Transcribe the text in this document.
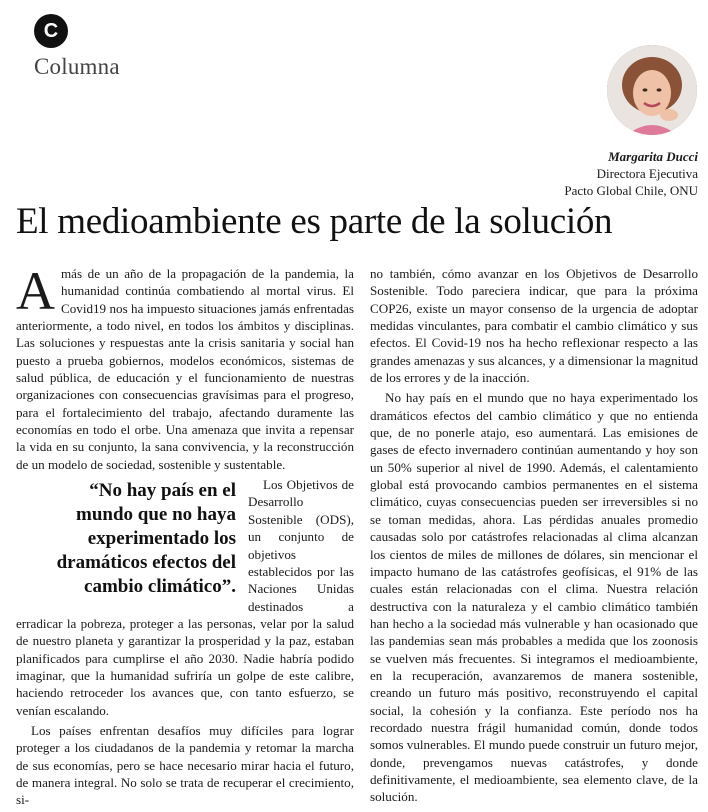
C
Columna
Margarita Ducci
Directora Ejecutiva
Pacto Global Chile, ONU
El medioambiente es parte de la solución

Amás de un año de la propagación de la pandemia, la humanidad continúa combatiendo al mortal virus. El Covid19 nos ha impuesto situaciones jamás enfrentadas anteriormente, a todo nivel, en todos los ámbitos y disciplinas. Las soluciones y respuestas ante la crisis sanitaria y social han puesto a prueba gobiernos, modelos económicos, sistemas de salud pública, de educación y el funcionamiento de nuestras organizaciones con consecuencias gravísimas para el progreso, para el fortalecimiento del trabajo, afectando duramente las economías en todo el orbe. Una amenaza que invita a repensar la vida en su conjunto, la sana convivencia, y la reconstrucción de un modelo de sociedad, sostenible y sustentable.

“No hay país en el mundo que no haya experimentado los dramáticos efectos del cambio climático”.

Los Objetivos de Desarrollo Sostenible (ODS), un conjunto de objetivos establecidos por las Naciones Unidas destinados a erradicar la pobreza, proteger a las personas, velar por la salud de nuestro planeta y garantizar la prosperidad y la paz, estaban planificados para cumplirse el año 2030. Nadie habría podido imaginar, que la humanidad sufriría un golpe de este calibre, haciendo retroceder los avances que, con tanto esfuerzo, se venían escalando.

Los países enfrentan desafíos muy difíciles para lograr proteger a los ciudadanos de la pandemia y retomar la marcha de sus economías, pero se hace necesario mirar hacia el futuro, de manera integral. No solo se trata de recuperar el crecimiento, si-

no también, cómo avanzar en los Objetivos de Desarrollo Sostenible. Todo pareciera indicar, que para la próxima COP26, existe un mayor consenso de la urgencia de adoptar medidas vinculantes, para combatir el cambio climático y sus efectos. El Covid-19 nos ha hecho reflexionar respecto a las grandes amenazas y sus alcances, y a dimensionar la magnitud de los errores y de la inacción.

No hay país en el mundo que no haya experimentado los dramáticos efectos del cambio climático y que no entienda que, de no ponerle atajo, eso aumentará. Las emisiones de gases de efecto invernadero continúan aumentando y hoy son un 50% superior al nivel de 1990. Además, el calentamiento global está provocando cambios permanentes en el sistema climático, cuyas consecuencias pueden ser irreversibles si no se toman medidas, ahora. Las pérdidas anuales promedio causadas solo por catástrofes relacionadas al clima alcanzan los cientos de miles de millones de dólares, sin mencionar el impacto humano de las catástrofes geofísicas, el 91% de las cuales están relacionadas con el clima. Nuestra relación destructiva con la naturaleza y el cambio climático también han hecho a la sociedad más vulnerable y han ocasionado que las pandemias sean más probables a medida que los zoonosis se vuelven más frecuentes. Si integramos el medioambiente, en la recuperación, avanzaremos de manera sostenible, creando un futuro más positivo, reconstruyendo el capital social, la cohesión y la confianza. Este período nos ha recordado nuestra frágil humanidad común, donde todos somos vulnerables. El mundo puede construir un futuro mejor, donde, prevengamos nuevas catástrofes, y donde definitivamente, el medioambiente, sea elemento clave, de la solución.
